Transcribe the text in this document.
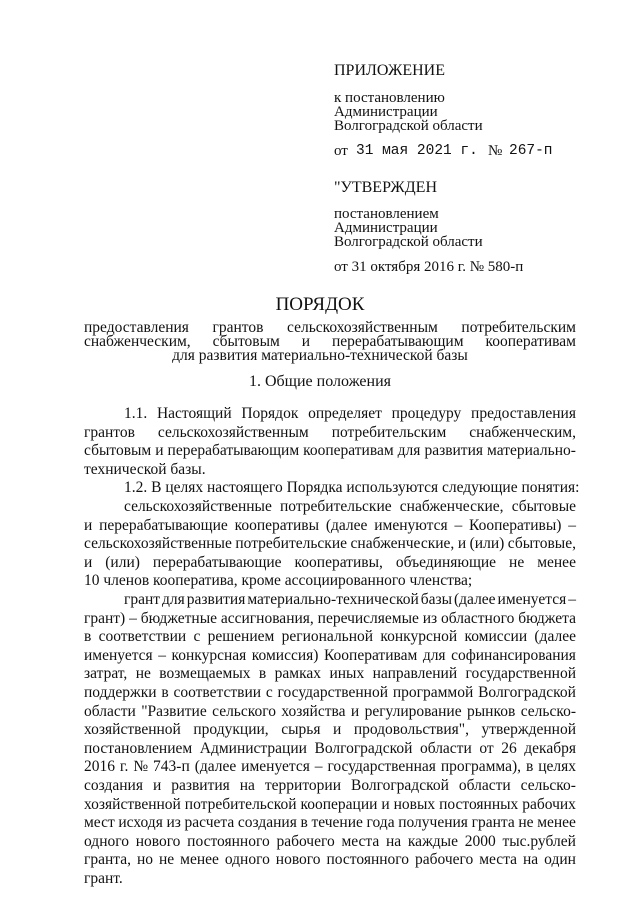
ПРИЛОЖЕНИЕ
к постановлению
Администрации
Волгоградской области
от 31 мая 2021 г. № 267-п
"УТВЕРЖДЕН
постановлением
Администрации
Волгоградской области
от 31 октября 2016 г. № 580-п
ПОРЯДОК
предоставления грантов сельскохозяйственным потребительским
снабженческим, сбытовым и перерабатывающим кооперативам
для развития материально-технической базы
1. Общие положения
1.1. Настоящий Порядок определяет процедуру предоставления
грантов сельскохозяйственным потребительским снабженческим,
сбытовым и перерабатывающим кооперативам для развития материально-
технической базы.
1.2. В целях настоящего Порядка используются следующие понятия:
сельскохозяйственные потребительские снабженческие, сбытовые
и перерабатывающие кооперативы (далее именуются – Кооперативы) –
сельскохозяйственные потребительские снабженческие, и (или) сбытовые,
и (или) перерабатывающие кооперативы, объединяющие не менее
10 членов кооператива, кроме ассоциированного членства;
грант для развития материально-технической базы (далее именуется –
грант) – бюджетные ассигнования, перечисляемые из областного бюджета
в соответствии с решением региональной конкурсной комиссии (далее
именуется – конкурсная комиссия) Кооперативам для софинансирования
затрат, не возмещаемых в рамках иных направлений государственной
поддержки в соответствии с государственной программой Волгоградской
области "Развитие сельского хозяйства и регулирование рынков сельско-
хозяйственной продукции, сырья и продовольствия", утвержденной
постановлением Администрации Волгоградской области от 26 декабря
2016 г. № 743-п (далее именуется – государственная программа), в целях
создания и развития на территории Волгоградской области сельско-
хозяйственной потребительской кооперации и новых постоянных рабочих
мест исходя из расчета создания в течение года получения гранта не менее
одного нового постоянного рабочего места на каждые 2000 тыс.рублей
гранта, но не менее одного нового постоянного рабочего места на один
грант.
